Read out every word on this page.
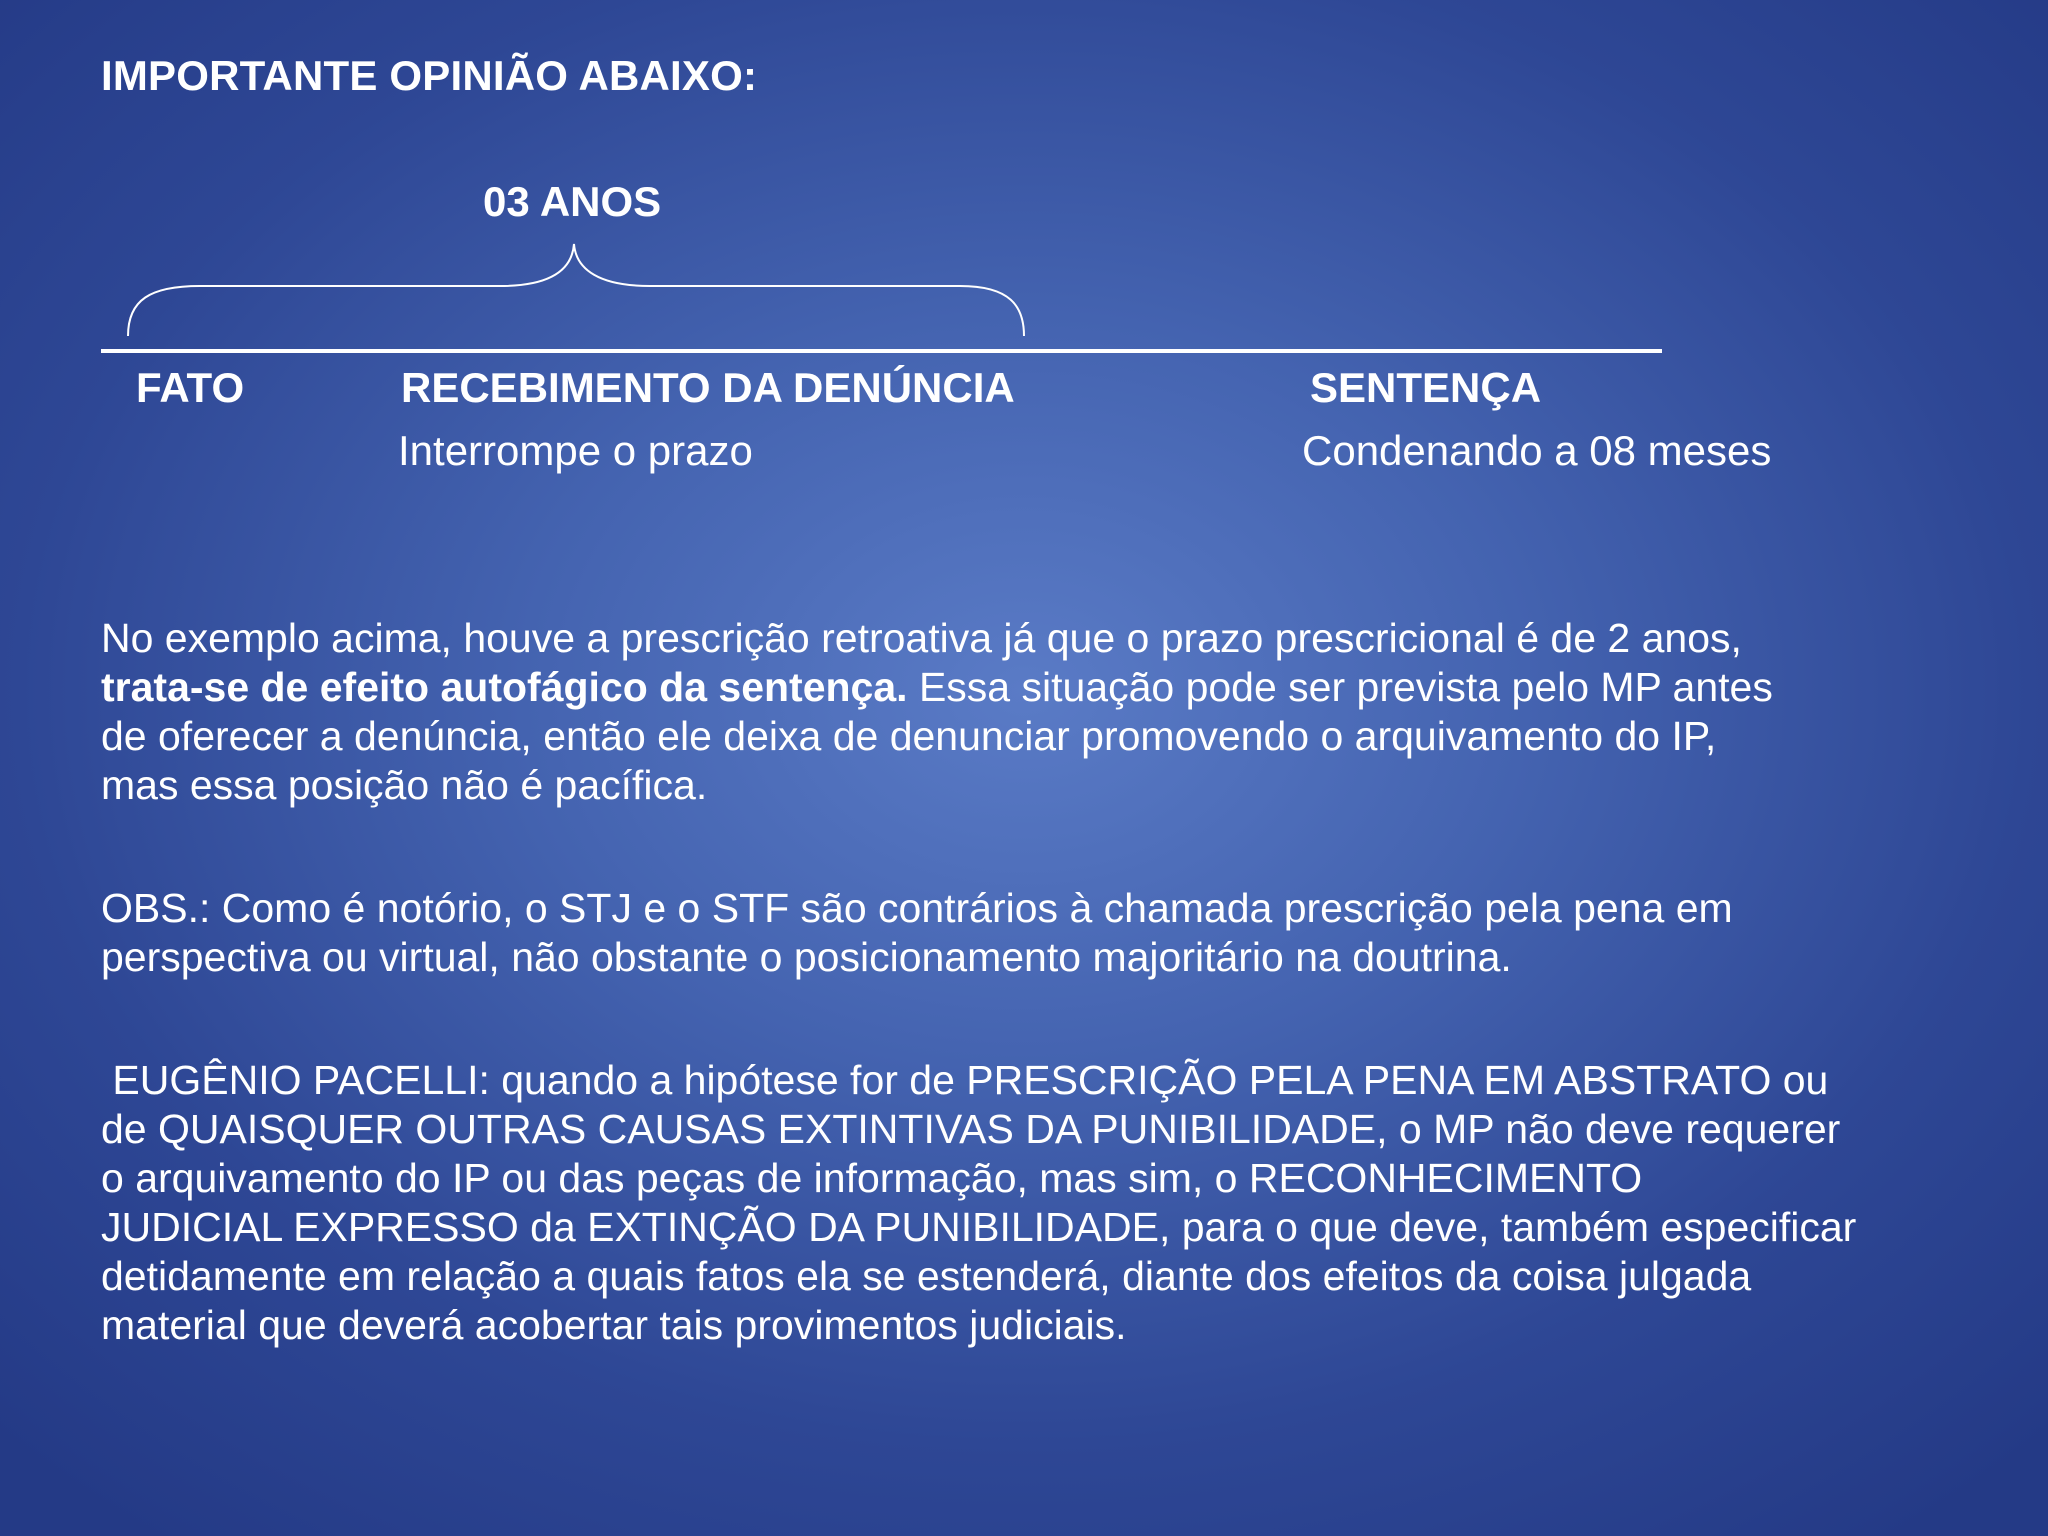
IMPORTANTE OPINIÃO ABAIXO:
03 ANOS
FATO	RECEBIMENTO DA DENÚNCIA	SENTENÇA
Interrompe o prazo	Condenando a 08 meses
No exemplo acima, houve a prescrição retroativa já que o prazo prescricional é de 2 anos,
trata-se de efeito autofágico da sentença. Essa situação pode ser prevista pelo MP antes
de oferecer a denúncia, então ele deixa de denunciar promovendo o arquivamento do IP,
mas essa posição não é pacífica.
OBS.: Como é notório, o STJ e o STF são contrários à chamada prescrição pela pena em
perspectiva ou virtual, não obstante o posicionamento majoritário na doutrina.
EUGÊNIO PACELLI: quando a hipótese for de PRESCRIÇÃO PELA PENA EM ABSTRATO ou
de QUAISQUER OUTRAS CAUSAS EXTINTIVAS DA PUNIBILIDADE, o MP não deve requerer
o arquivamento do IP ou das peças de informação, mas sim, o RECONHECIMENTO
JUDICIAL EXPRESSO da EXTINÇÃO DA PUNIBILIDADE, para o que deve, também especificar
detidamente em relação a quais fatos ela se estenderá, diante dos efeitos da coisa julgada
material que deverá acobertar tais provimentos judiciais.
